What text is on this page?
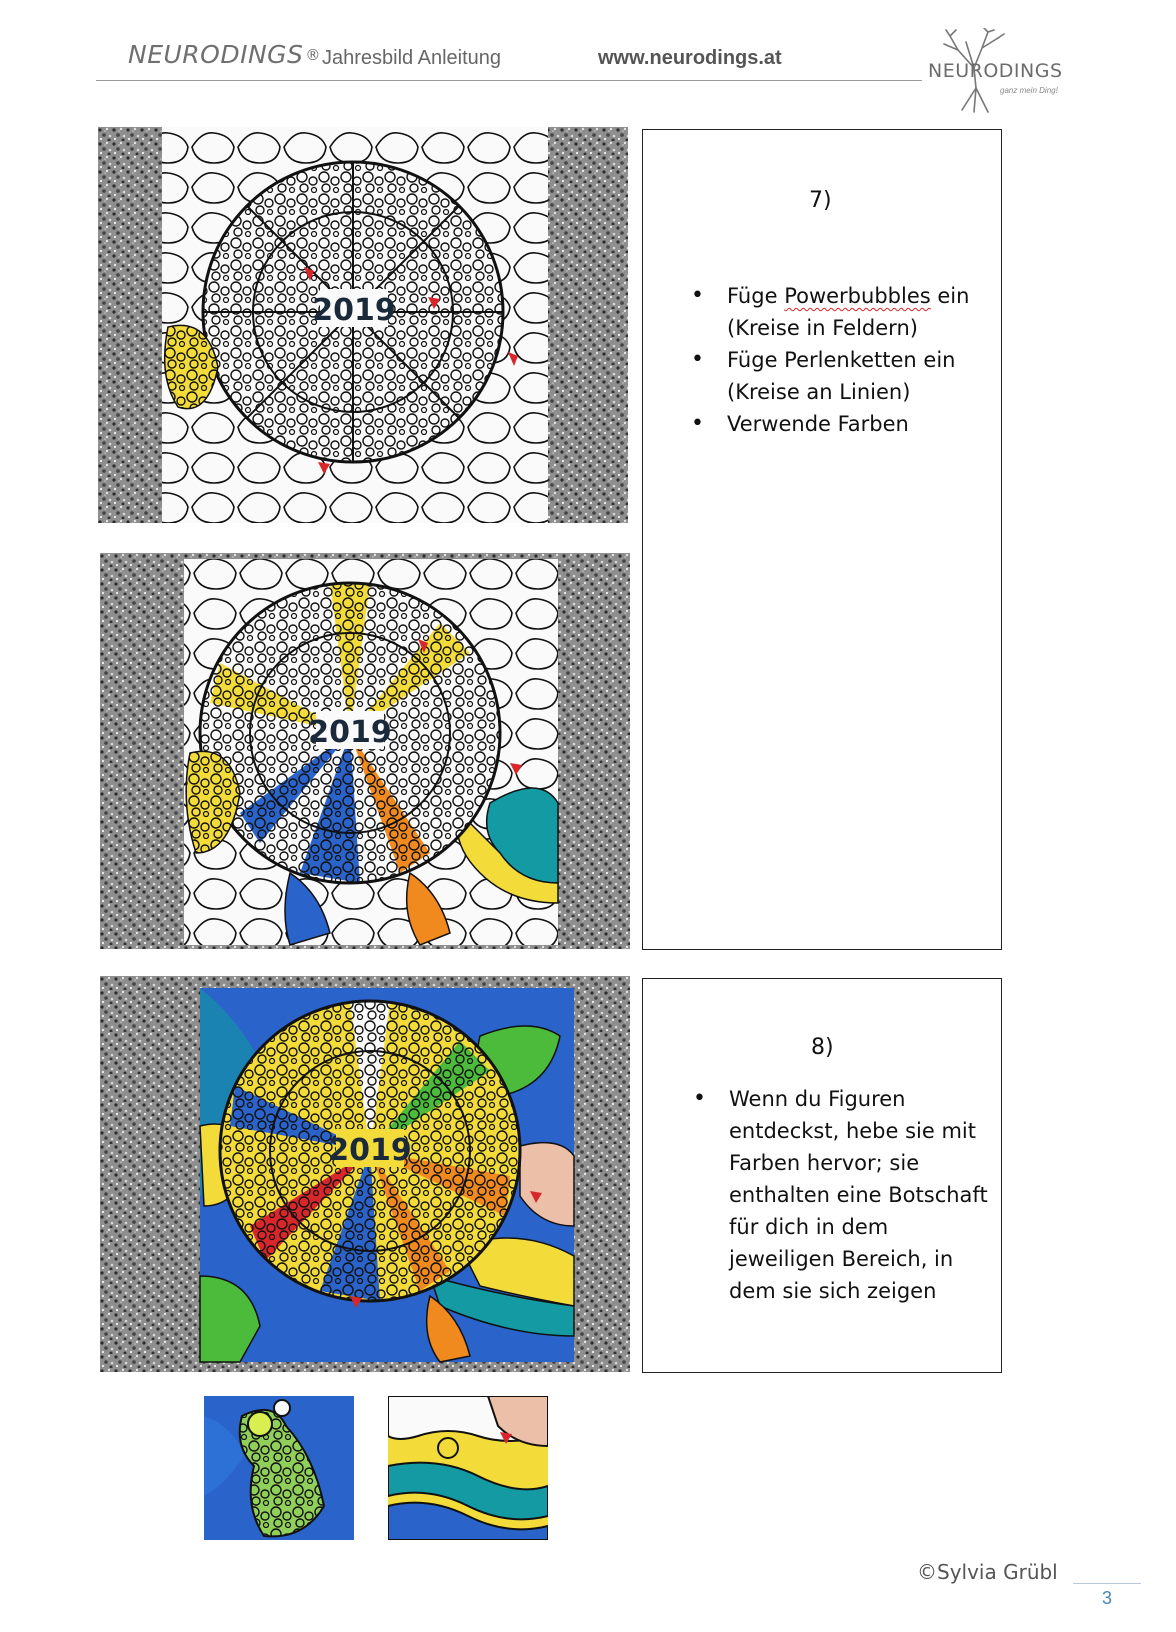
NEURODINGS ® Jahresbild Anleitung	www.neurodings.at
NEURODINGS
ganz mein Ding!
2019
2019
2019
7)
• Füge Powerbubbles ein (Kreise in Feldern)
• Füge Perlenketten ein (Kreise an Linien)
• Verwende Farben
8)
• Wenn du Figuren entdeckst, hebe sie mit Farben hervor; sie enthalten eine Botschaft für dich in dem jeweiligen Bereich, in dem sie sich zeigen
©Sylvia Grübl
3
